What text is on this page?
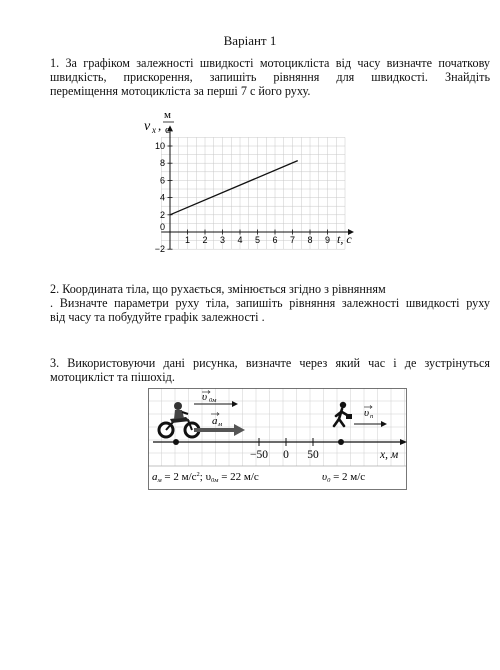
Варіант 1
1. За графіком залежності швидкості мотоцикліста від часу визначте початкову
швидкість, прискорення, запишіть рівняння для швидкості. Знайдіть
переміщення мотоцикліста за перші 7 с його руху.
1 2 3 4 5 6 7 8 9
−2
2
4
6
8
10
0
v x ,
м
с
t, c
2. Координата тіла, що рухається, змінюється згідно з рівнянням
. Визначте параметри руху тіла, запишіть рівняння залежності швидкості руху
від часу та побудуйте графік залежності .
3. Використовуючи дані рисунка, визначте через який час і де зустрінуться
мотоцикліст та пішохід.
υ 0м
a м
υ п
−50 0 50	x, м
aм = 2 $м/с^2$; υ0м = 22 м/с	υ0 = 2 м/с
